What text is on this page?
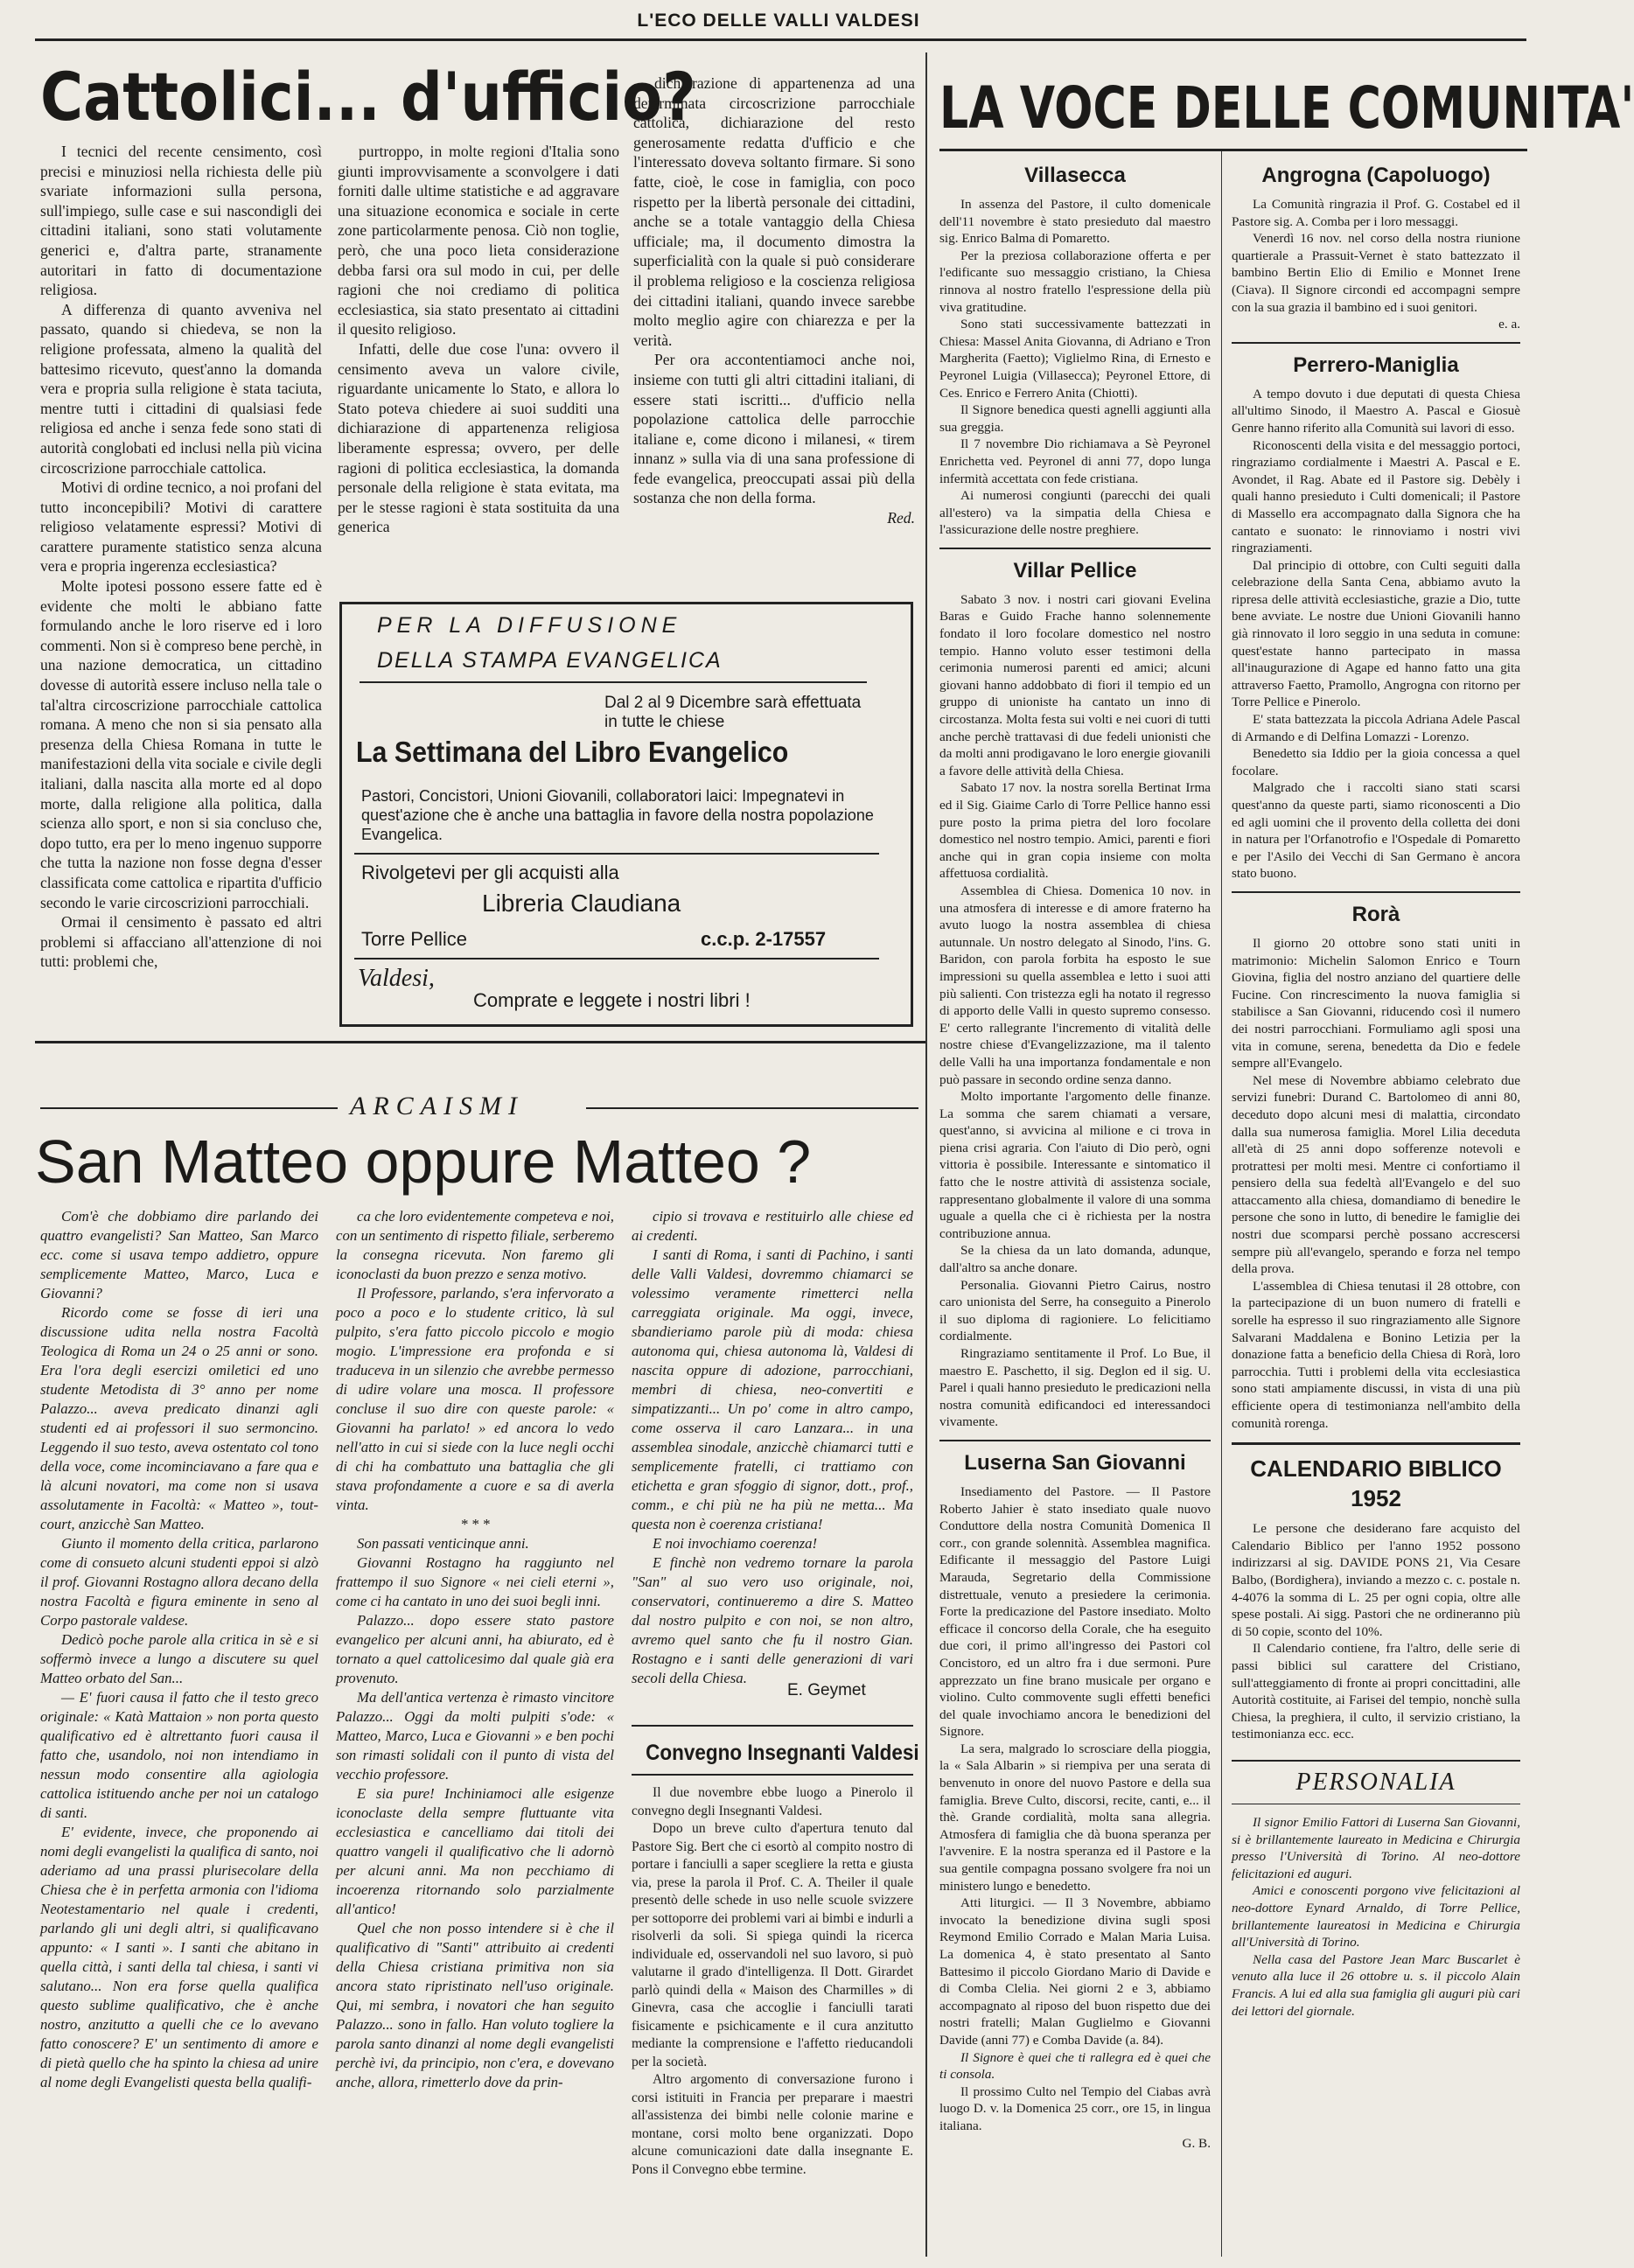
L'ECO DELLE VALLI VALDESI
Cattolici... d'ufficio?

I tecnici del recente censimento, così precisi e minuziosi nella richiesta delle più svariate informazioni sulla persona, sull'impiego, sulle case e sui nascondigli dei cittadini italiani, sono stati volutamente generici e, d'altra parte, stranamente autoritari in fatto di documentazione religiosa.

A differenza di quanto avveniva nel passato, quando si chiedeva, se non la religione professata, almeno la qualità del battesimo ricevuto, quest'anno la domanda vera e propria sulla religione è stata taciuta, mentre tutti i cittadini di qualsiasi fede religiosa ed anche i senza fede sono stati di autorità conglobati ed inclusi nella più vicina circoscrizione parrocchiale cattolica.

Motivi di ordine tecnico, a noi profani del tutto inconcepibili? Motivi di carattere religioso velatamente espressi? Motivi di carattere puramente statistico senza alcuna vera e propria ingerenza ecclesiastica?

Molte ipotesi possono essere fatte ed è evidente che molti le abbiano fatte formulando anche le loro riserve ed i loro commenti. Non si è compreso bene perchè, in una nazione democratica, un cittadino dovesse di autorità essere incluso nella tale o tal'altra circoscrizione parrocchiale cattolica romana. A meno che non si sia pensato alla presenza della Chiesa Romana in tutte le manifestazioni della vita sociale e civile degli italiani, dalla nascita alla morte ed al dopo morte, dalla religione alla politica, dalla scienza allo sport, e non si sia concluso che, dopo tutto, era per lo meno ingenuo supporre che tutta la nazione non fosse degna d'esser classificata come cattolica e ripartita d'ufficio secondo le varie circoscrizioni parrocchiali.

Ormai il censimento è passato ed altri problemi si affacciano all'attenzione di noi tutti: problemi che,

purtroppo, in molte regioni d'Italia sono giunti improvvisamente a sconvolgere i dati forniti dalle ultime statistiche e ad aggravare una situazione economica e sociale in certe zone particolarmente penosa. Ciò non toglie, però, che una poco lieta considerazione debba farsi ora sul modo in cui, per delle ragioni che noi crediamo di politica ecclesiastica, sia stato presentato ai cittadini il quesito religioso.

Infatti, delle due cose l'una: ovvero il censimento aveva un valore civile, riguardante unicamente lo Stato, e allora lo Stato poteva chiedere ai suoi sudditi una dichiarazione di appartenenza religiosa liberamente espressa; ovvero, per delle ragioni di politica ecclesiastica, la domanda personale della religione è stata evitata, ma per le stesse ragioni è stata sostituita da una generica

dichiarazione di appartenenza ad una determinata circoscrizione parrocchiale cattolica, dichiarazione del resto generosamente redatta d'ufficio e che l'interessato doveva soltanto firmare. Si sono fatte, cioè, le cose in famiglia, con poco rispetto per la libertà personale dei cittadini, anche se a totale vantaggio della Chiesa ufficiale; ma, il documento dimostra la superficialità con la quale si può considerare il problema religioso e la coscienza religiosa dei cittadini italiani, quando invece sarebbe molto meglio agire con chiarezza e per la verità.

Per ora accontentiamoci anche noi, insieme con tutti gli altri cittadini italiani, di essere stati iscritti... d'ufficio nella popolazione cattolica delle parrocchie italiane e, come dicono i milanesi, « tirem innanz » sulla via di una sana professione di fede evangelica, preoccupati assai più della sostanza che non della forma.

Red.

PER LA DIFFUSIONE
DELLA STAMPA EVANGELICA
Dal 2 al 9 Dicembre sarà effettuata in tutte le chiese
La Settimana del Libro Evangelico
Pastori, Concistori, Unioni Giovanili, collaboratori laici: Impegnatevi in quest'azione che è anche una battaglia in favore della nostra popolazione Evangelica.
Rivolgetevi per gli acquisti alla
Libreria Claudiana
Torre Pellice	c.c.p. 2-17557
Valdesi,
Comprate e leggete i nostri libri !
ARCAISMI
San Matteo oppure Matteo ?

Com'è che dobbiamo dire parlando dei quattro evangelisti? San Matteo, San Marco ecc. come si usava tempo addietro, oppure semplicemente Matteo, Marco, Luca e Giovanni?

Ricordo come se fosse di ieri una discussione udita nella nostra Facoltà Teologica di Roma un 24 o 25 anni or sono. Era l'ora degli esercizi omiletici ed uno studente Metodista di 3° anno per nome Palazzo... aveva predicato dinanzi agli studenti ed ai professori il suo sermoncino. Leggendo il suo testo, aveva ostentato col tono della voce, come incominciavano a fare qua e là alcuni novatori, ma come non si usava assolutamente in Facoltà: « Matteo », tout-court, anzicchè San Matteo.

Giunto il momento della critica, parlarono come di consueto alcuni studenti eppoi si alzò il prof. Giovanni Rostagno allora decano della nostra Facoltà e figura eminente in seno al Corpo pastorale valdese.

Dedicò poche parole alla critica in sè e si soffermò invece a lungo a discutere su quel Matteo orbato del San...

— E' fuori causa il fatto che il testo greco originale: « Katà Mattaion » non porta questo qualificativo ed è altrettanto fuori causa il fatto che, usandolo, noi non intendiamo in nessun modo consentire alla agiologia cattolica istituendo anche per noi un catalogo di santi.

E' evidente, invece, che proponendo ai nomi degli evangelisti la qualifica di santo, noi aderiamo ad una prassi plurisecolare della Chiesa che è in perfetta armonia con l'idioma Neotestamentario nel quale i credenti, parlando gli uni degli altri, si qualificavano appunto: « I santi ». I santi che abitano in quella città, i santi della tal chiesa, i santi vi salutano... Non era forse quella qualifica questo sublime qualificativo, che è anche nostro, anzitutto a quelli che ce lo avevano fatto conoscere? E' un sentimento di amore e di pietà quello che ha spinto la chiesa ad unire al nome degli Evangelisti questa bella qualifi-

ca che loro evidentemente competeva e noi, con un sentimento di rispetto filiale, serberemo la consegna ricevuta. Non faremo gli iconoclasti da buon prezzo e senza motivo.

Il Professore, parlando, s'era infervorato a poco a poco e lo studente critico, là sul pulpito, s'era fatto piccolo piccolo e mogio mogio. L'impressione era profonda e si traduceva in un silenzio che avrebbe permesso di udire volare una mosca. Il professore concluse il suo dire con queste parole: « Giovanni ha parlato! » ed ancora lo vedo nell'atto in cui si siede con la luce negli occhi di chi ha combattuto una battaglia che gli stava profondamente a cuore e sa di averla vinta.

* * *

Son passati venticinque anni.

Giovanni Rostagno ha raggiunto nel frattempo il suo Signore « nei cieli eterni », come ci ha cantato in uno dei suoi begli inni.

Palazzo... dopo essere stato pastore evangelico per alcuni anni, ha abiurato, ed è tornato a quel cattolicesimo dal quale già era provenuto.

Ma dell'antica vertenza è rimasto vincitore Palazzo... Oggi da molti pulpiti s'ode: « Matteo, Marco, Luca e Giovanni » e ben pochi son rimasti solidali con il punto di vista del vecchio professore.

E sia pure! Inchiniamoci alle esigenze iconoclaste della sempre fluttuante vita ecclesiastica e cancelliamo dai titoli dei quattro vangeli il qualificativo che li adornò per alcuni anni. Ma non pecchiamo di incoerenza ritornando solo parzialmente all'antico!

Quel che non posso intendere si è che il qualificativo di "Santi" attribuito ai credenti della Chiesa cristiana primitiva non sia ancora stato ripristinato nell'uso originale. Qui, mi sembra, i novatori che han seguito Palazzo... sono in fallo. Han voluto togliere la parola santo dinanzi al nome degli evangelisti perchè ivi, da principio, non c'era, e dovevano anche, allora, rimetterlo dove da prin-

cipio si trovava e restituirlo alle chiese ed ai credenti.

I santi di Roma, i santi di Pachino, i santi delle Valli Valdesi, dovremmo chiamarci se volessimo veramente rimetterci nella carreggiata originale. Ma oggi, invece, sbandieriamo parole più di moda: chiesa autonoma qui, chiesa autonoma là, Valdesi di nascita oppure di adozione, parrocchiani, membri di chiesa, neo-convertiti e simpatizzanti... Un po' come in altro campo, come osserva il caro Lanzara... in una assemblea sinodale, anzicchè chiamarci tutti e semplicemente fratelli, ci trattiamo con etichetta e gran sfoggio di signor, dott., prof., comm., e chi più ne ha più ne metta... Ma questa non è coerenza cristiana!

E noi invochiamo coerenza!

E finchè non vedremo tornare la parola "San" al suo vero uso originale, noi, conservatori, continueremo a dire S. Matteo dal nostro pulpito e con noi, se non altro, avremo quel santo che fu il nostro Gian. Rostagno e i santi delle generazioni di vari secoli della Chiesa.

E. Geymet
Convegno Insegnanti Valdesi

Il due novembre ebbe luogo a Pinerolo il convegno degli Insegnanti Valdesi.

Dopo un breve culto d'apertura tenuto dal Pastore Sig. Bert che ci esortò al compito nostro di portare i fanciulli a saper scegliere la retta e giusta via, prese la parola il Prof. C. A. Theiler il quale presentò delle schede in uso nelle scuole svizzere per sottoporre dei problemi vari ai bimbi e indurli a risolverli da soli. Si spiega quindi la ricerca individuale ed, osservandoli nel suo lavoro, si può valutarne il grado d'intelligenza. Il Dott. Girardet parlò quindi della « Maison des Charmilles » di Ginevra, casa che accoglie i fanciulli tarati fisicamente e psichicamente e il cura anzitutto mediante la comprensione e l'affetto rieducandoli per la società.

Altro argomento di conversazione furono i corsi istituiti in Francia per preparare i maestri all'assistenza dei bimbi nelle colonie marine e montane, corsi molto bene organizzati. Dopo alcune comunicazioni date dalla insegnante E. Pons il Convegno ebbe termine.

LA VOCE DELLE COMUNITA'
Villasecca

In assenza del Pastore, il culto domenicale dell'11 novembre è stato presieduto dal maestro sig. Enrico Balma di Pomaretto.

Per la preziosa collaborazione offerta e per l'edificante suo messaggio cristiano, la Chiesa rinnova al nostro fratello l'espressione della più viva gratitudine.

Sono stati successivamente battezzati in Chiesa: Massel Anita Giovanna, di Adriano e Tron Margherita (Faetto); Viglielmo Rina, di Ernesto e Peyronel Luigia (Villasecca); Peyronel Ettore, di Ces. Enrico e Ferrero Anita (Chiotti).

Il Signore benedica questi agnelli aggiunti alla sua greggia.

Il 7 novembre Dio richiamava a Sè Peyronel Enrichetta ved. Peyronel di anni 77, dopo lunga infermità accettata con fede cristiana.

Ai numerosi congiunti (parecchi dei quali all'estero) va la simpatia della Chiesa e l'assicurazione delle nostre preghiere.

Villar Pellice

Sabato 3 nov. i nostri cari giovani Evelina Baras e Guido Frache hanno solennemente fondato il loro focolare domestico nel nostro tempio. Hanno voluto esser testimoni della cerimonia numerosi parenti ed amici; alcuni giovani hanno addobbato di fiori il tempio ed un gruppo di unioniste ha cantato un inno di circostanza. Molta festa sui volti e nei cuori di tutti anche perchè trattavasi di due fedeli unionisti che da molti anni prodigavano le loro energie giovanili a favore delle attività della Chiesa.

Sabato 17 nov. la nostra sorella Bertinat Irma ed il Sig. Giaime Carlo di Torre Pellice hanno essi pure posto la prima pietra del loro focolare domestico nel nostro tempio. Amici, parenti e fiori anche qui in gran copia insieme con molta affettuosa cordialità.

Assemblea di Chiesa. Domenica 10 nov. in una atmosfera di interesse e di amore fraterno ha avuto luogo la nostra assemblea di chiesa autunnale. Un nostro delegato al Sinodo, l'ins. G. Baridon, con parola forbita ha esposto le sue impressioni su quella assemblea e letto i suoi atti più salienti. Con tristezza egli ha notato il regresso di apporto delle Valli in questo supremo consesso. E' certo rallegrante l'incremento di vitalità delle nostre chiese d'Evangelizzazione, ma il talento delle Valli ha una importanza fondamentale e non può passare in secondo ordine senza danno.

Molto importante l'argomento delle finanze. La somma che sarem chiamati a versare, quest'anno, si avvicina al milione e ci trova in piena crisi agraria. Con l'aiuto di Dio però, ogni vittoria è possibile. Interessante e sintomatico il fatto che le nostre attività di assistenza sociale, rappresentano globalmente il valore di una somma uguale a quella che ci è richiesta per la nostra contribuzione annua.

Se la chiesa da un lato domanda, adunque, dall'altro sa anche donare.

Personalia. Giovanni Pietro Cairus, nostro caro unionista del Serre, ha conseguito a Pinerolo il suo diploma di ragioniere. Lo felicitiamo cordialmente.

Ringraziamo sentitamente il Prof. Lo Bue, il maestro E. Paschetto, il sig. Deglon ed il sig. U. Parel i quali hanno presieduto le predicazioni nella nostra comunità edificandoci ed interessandoci vivamente.

Luserna San Giovanni

Insediamento del Pastore. — Il Pastore Roberto Jahier è stato insediato quale nuovo Conduttore della nostra Comunità Domenica Il corr., con grande solennità. Assemblea magnifica. Edificante il messaggio del Pastore Luigi Marauda, Segretario della Commissione distrettuale, venuto a presiedere la cerimonia. Forte la predicazione del Pastore insediato. Molto efficace il concorso della Corale, che ha eseguito due cori, il primo all'ingresso dei Pastori col Concistoro, ed un altro fra i due sermoni. Pure apprezzato un fine brano musicale per organo e violino. Culto commovente sugli effetti benefici del quale invochiamo ancora le benedizioni del Signore.

La sera, malgrado lo scrosciare della pioggia, la « Sala Albarin » si riempiva per una serata di benvenuto in onore del nuovo Pastore e della sua famiglia. Breve Culto, discorsi, recite, canti, e... il thè. Grande cordialità, molta sana allegria. Atmosfera di famiglia che dà buona speranza per l'avvenire. E la nostra speranza ed il Pastore e la sua gentile compagna possano svolgere fra noi un ministero lungo e benedetto.

Atti liturgici. — Il 3 Novembre, abbiamo invocato la benedizione divina sugli sposi Reymond Emilio Corrado e Malan Maria Luisa. La domenica 4, è stato presentato al Santo Battesimo il piccolo Giordano Mario di Davide e di Comba Clelia. Nei giorni 2 e 3, abbiamo accompagnato al riposo del buon rispetto due dei nostri fratelli; Malan Guglielmo e Giovanni Davide (anni 77) e Comba Davide (a. 84).

Il Signore è quei che ti rallegra ed è quei che ti consola.

Il prossimo Culto nel Tempio del Ciabas avrà luogo D. v. la Domenica 25 corr., ore 15, in lingua italiana.

G. B.

Angrogna (Capoluogo)

La Comunità ringrazia il Prof. G. Costabel ed il Pastore sig. A. Comba per i loro messaggi.

Venerdì 16 nov. nel corso della nostra riunione quartierale a Prassuit-Vernet è stato battezzato il bambino Bertin Elio di Emilio e Monnet Irene (Ciava). Il Signore circondi ed accompagni sempre con la sua grazia il bambino ed i suoi genitori.

e. a.

Perrero-Maniglia

A tempo dovuto i due deputati di questa Chiesa all'ultimo Sinodo, il Maestro A. Pascal e Giosuè Genre hanno riferito alla Comunità sui lavori di esso.

Riconoscenti della visita e del messaggio portoci, ringraziamo cordialmente i Maestri A. Pascal e E. Avondet, il Rag. Abate ed il Pastore sig. Debèly i quali hanno presieduto i Culti domenicali; il Pastore di Massello era accompagnato dalla Signora che ha cantato e suonato: le rinnoviamo i nostri vivi ringraziamenti.

Dal principio di ottobre, con Culti seguiti dalla celebrazione della Santa Cena, abbiamo avuto la ripresa delle attività ecclesiastiche, grazie a Dio, tutte bene avviate. Le nostre due Unioni Giovanili hanno già rinnovato il loro seggio in una seduta in comune: quest'estate hanno partecipato in massa all'inaugurazione di Agape ed hanno fatto una gita attraverso Faetto, Pramollo, Angrogna con ritorno per Torre Pellice e Pinerolo.

E' stata battezzata la piccola Adriana Adele Pascal di Armando e di Delfina Lomazzi - Lorenzo.

Benedetto sia Iddio per la gioia concessa a quel focolare.

Malgrado che i raccolti siano stati scarsi quest'anno da queste parti, siamo riconoscenti a Dio ed agli uomini che il provento della colletta dei doni in natura per l'Orfanotrofio e l'Ospedale di Pomaretto e per l'Asilo dei Vecchi di San Germano è ancora stato buono.

Rorà

Il giorno 20 ottobre sono stati uniti in matrimonio: Michelin Salomon Enrico e Tourn Giovina, figlia del nostro anziano del quartiere delle Fucine. Con rincrescimento la nuova famiglia si stabilisce a San Giovanni, riducendo così il numero dei nostri parrocchiani. Formuliamo agli sposi una vita in comune, serena, benedetta da Dio e fedele sempre all'Evangelo.

Nel mese di Novembre abbiamo celebrato due servizi funebri: Durand C. Bartolomeo di anni 80, deceduto dopo alcuni mesi di malattia, circondato dalla sua numerosa famiglia. Morel Lilia deceduta all'età di 25 anni dopo sofferenze notevoli e protrattesi per molti mesi. Mentre ci confortiamo il pensiero della sua fedeltà all'Evangelo e del suo attaccamento alla chiesa, domandiamo di benedire le persone che sono in lutto, di benedire le famiglie dei nostri due scomparsi perchè possano accrescersi sempre più all'evangelo, sperando e forza nel tempo della prova.

L'assemblea di Chiesa tenutasi il 28 ottobre, con la partecipazione di un buon numero di fratelli e sorelle ha espresso il suo ringraziamento alle Signore Salvarani Maddalena e Bonino Letizia per la donazione fatta a beneficio della Chiesa di Rorà, loro parrocchia. Tutti i problemi della vita ecclesiastica sono stati ampiamente discussi, in vista di una più efficiente opera di testimonianza nell'ambito della comunità rorenga.

CALENDARIO BIBLICO
1952

Le persone che desiderano fare acquisto del Calendario Biblico per l'anno 1952 possono indirizzarsi al sig. DAVIDE PONS 21, Via Cesare Balbo, (Bordighera), inviando a mezzo c. c. postale n. 4-4076 la somma di L. 25 per ogni copia, oltre alle spese postali. Ai sigg. Pastori che ne ordineranno più di 50 copie, sconto del 10%.

Il Calendario contiene, fra l'altro, delle serie di passi biblici sul carattere del Cristiano, sull'atteggiamento di fronte ai propri concittadini, alle Autorità costituite, ai Farisei del tempio, nonchè sulla Chiesa, la preghiera, il culto, il servizio cristiano, la testimonianza ecc. ecc.

PERSONALIA

Il signor Emilio Fattori di Luserna San Giovanni, si è brillantemente laureato in Medicina e Chirurgia presso l'Università di Torino. Al neo-dottore felicitazioni ed auguri.

Amici e conoscenti porgono vive felicitazioni al neo-dottore Eynard Arnaldo, di Torre Pellice, brillantemente laureatosi in Medicina e Chirurgia all'Università di Torino.

Nella casa del Pastore Jean Marc Buscarlet è venuto alla luce il 26 ottobre u. s. il piccolo Alain Francis. A lui ed alla sua famiglia gli auguri più cari dei lettori del giornale.
